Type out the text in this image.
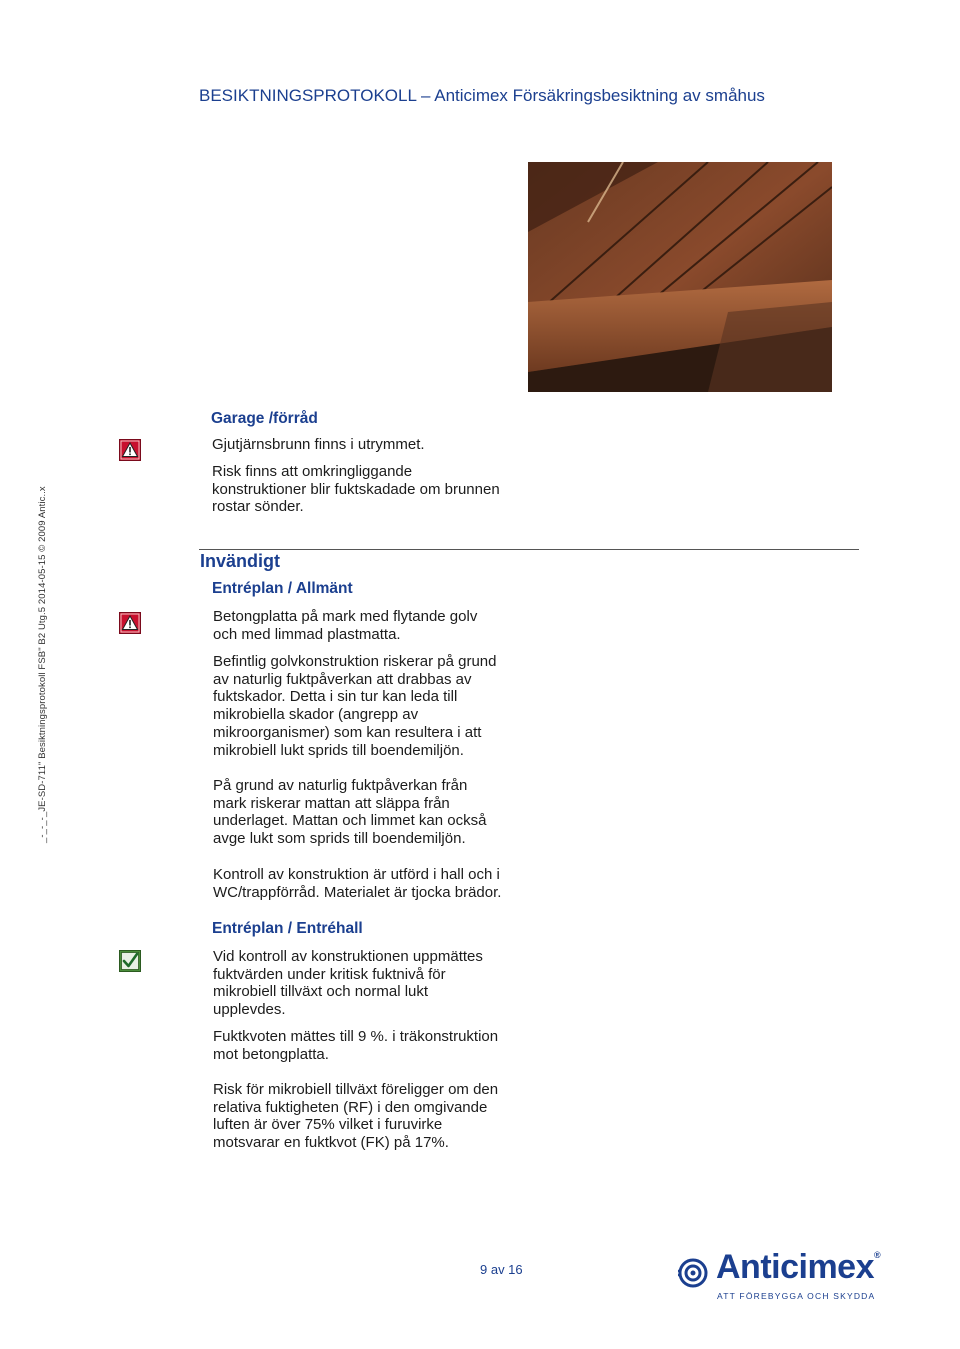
BESIKTNINGSPROTOKOLL – Anticimex Försäkringsbesiktning av småhus
_-_-_-_JE-SD-711" Besiktningsprotokoll FSB" B2 Utg.5 2014-05-15 © 2009 Antic..x
Garage /förråd
Gjutjärnsbrunn finns i utrymmet.
Risk finns att omkringliggande
konstruktioner blir fuktskadade om brunnen
rostar sönder.
Invändigt
Entréplan / Allmänt
Betongplatta på mark med flytande golv
och med limmad plastmatta.
Befintlig golvkonstruktion riskerar på grund
av naturlig fuktpåverkan att drabbas av
fuktskador. Detta i sin tur kan leda till
mikrobiella skador (angrepp av
mikroorganismer) som kan resultera i att
mikrobiell lukt sprids till boendemiljön.
På grund av naturlig fuktpåverkan från
mark riskerar mattan att släppa från
underlaget. Mattan och limmet kan också
avge lukt som sprids till boendemiljön.
Kontroll av konstruktion är utförd i hall och i
WC/trappförråd. Materialet är tjocka brädor.
Entréplan / Entréhall
Vid kontroll av konstruktionen uppmättes
fuktvärden under kritisk fuktnivå för
mikrobiell tillväxt och normal lukt
upplevdes.
Fuktkvoten mättes till 9 %. i träkonstruktion
mot betongplatta.
Risk för mikrobiell tillväxt föreligger om den
relativa fuktigheten (RF) i den omgivande
luften är över 75% vilket i furuvirke
motsvarar en fuktkvot (FK) på 17%.
9 av 16	Anticimex®
ATT FÖREBYGGA OCH SKYDDA
